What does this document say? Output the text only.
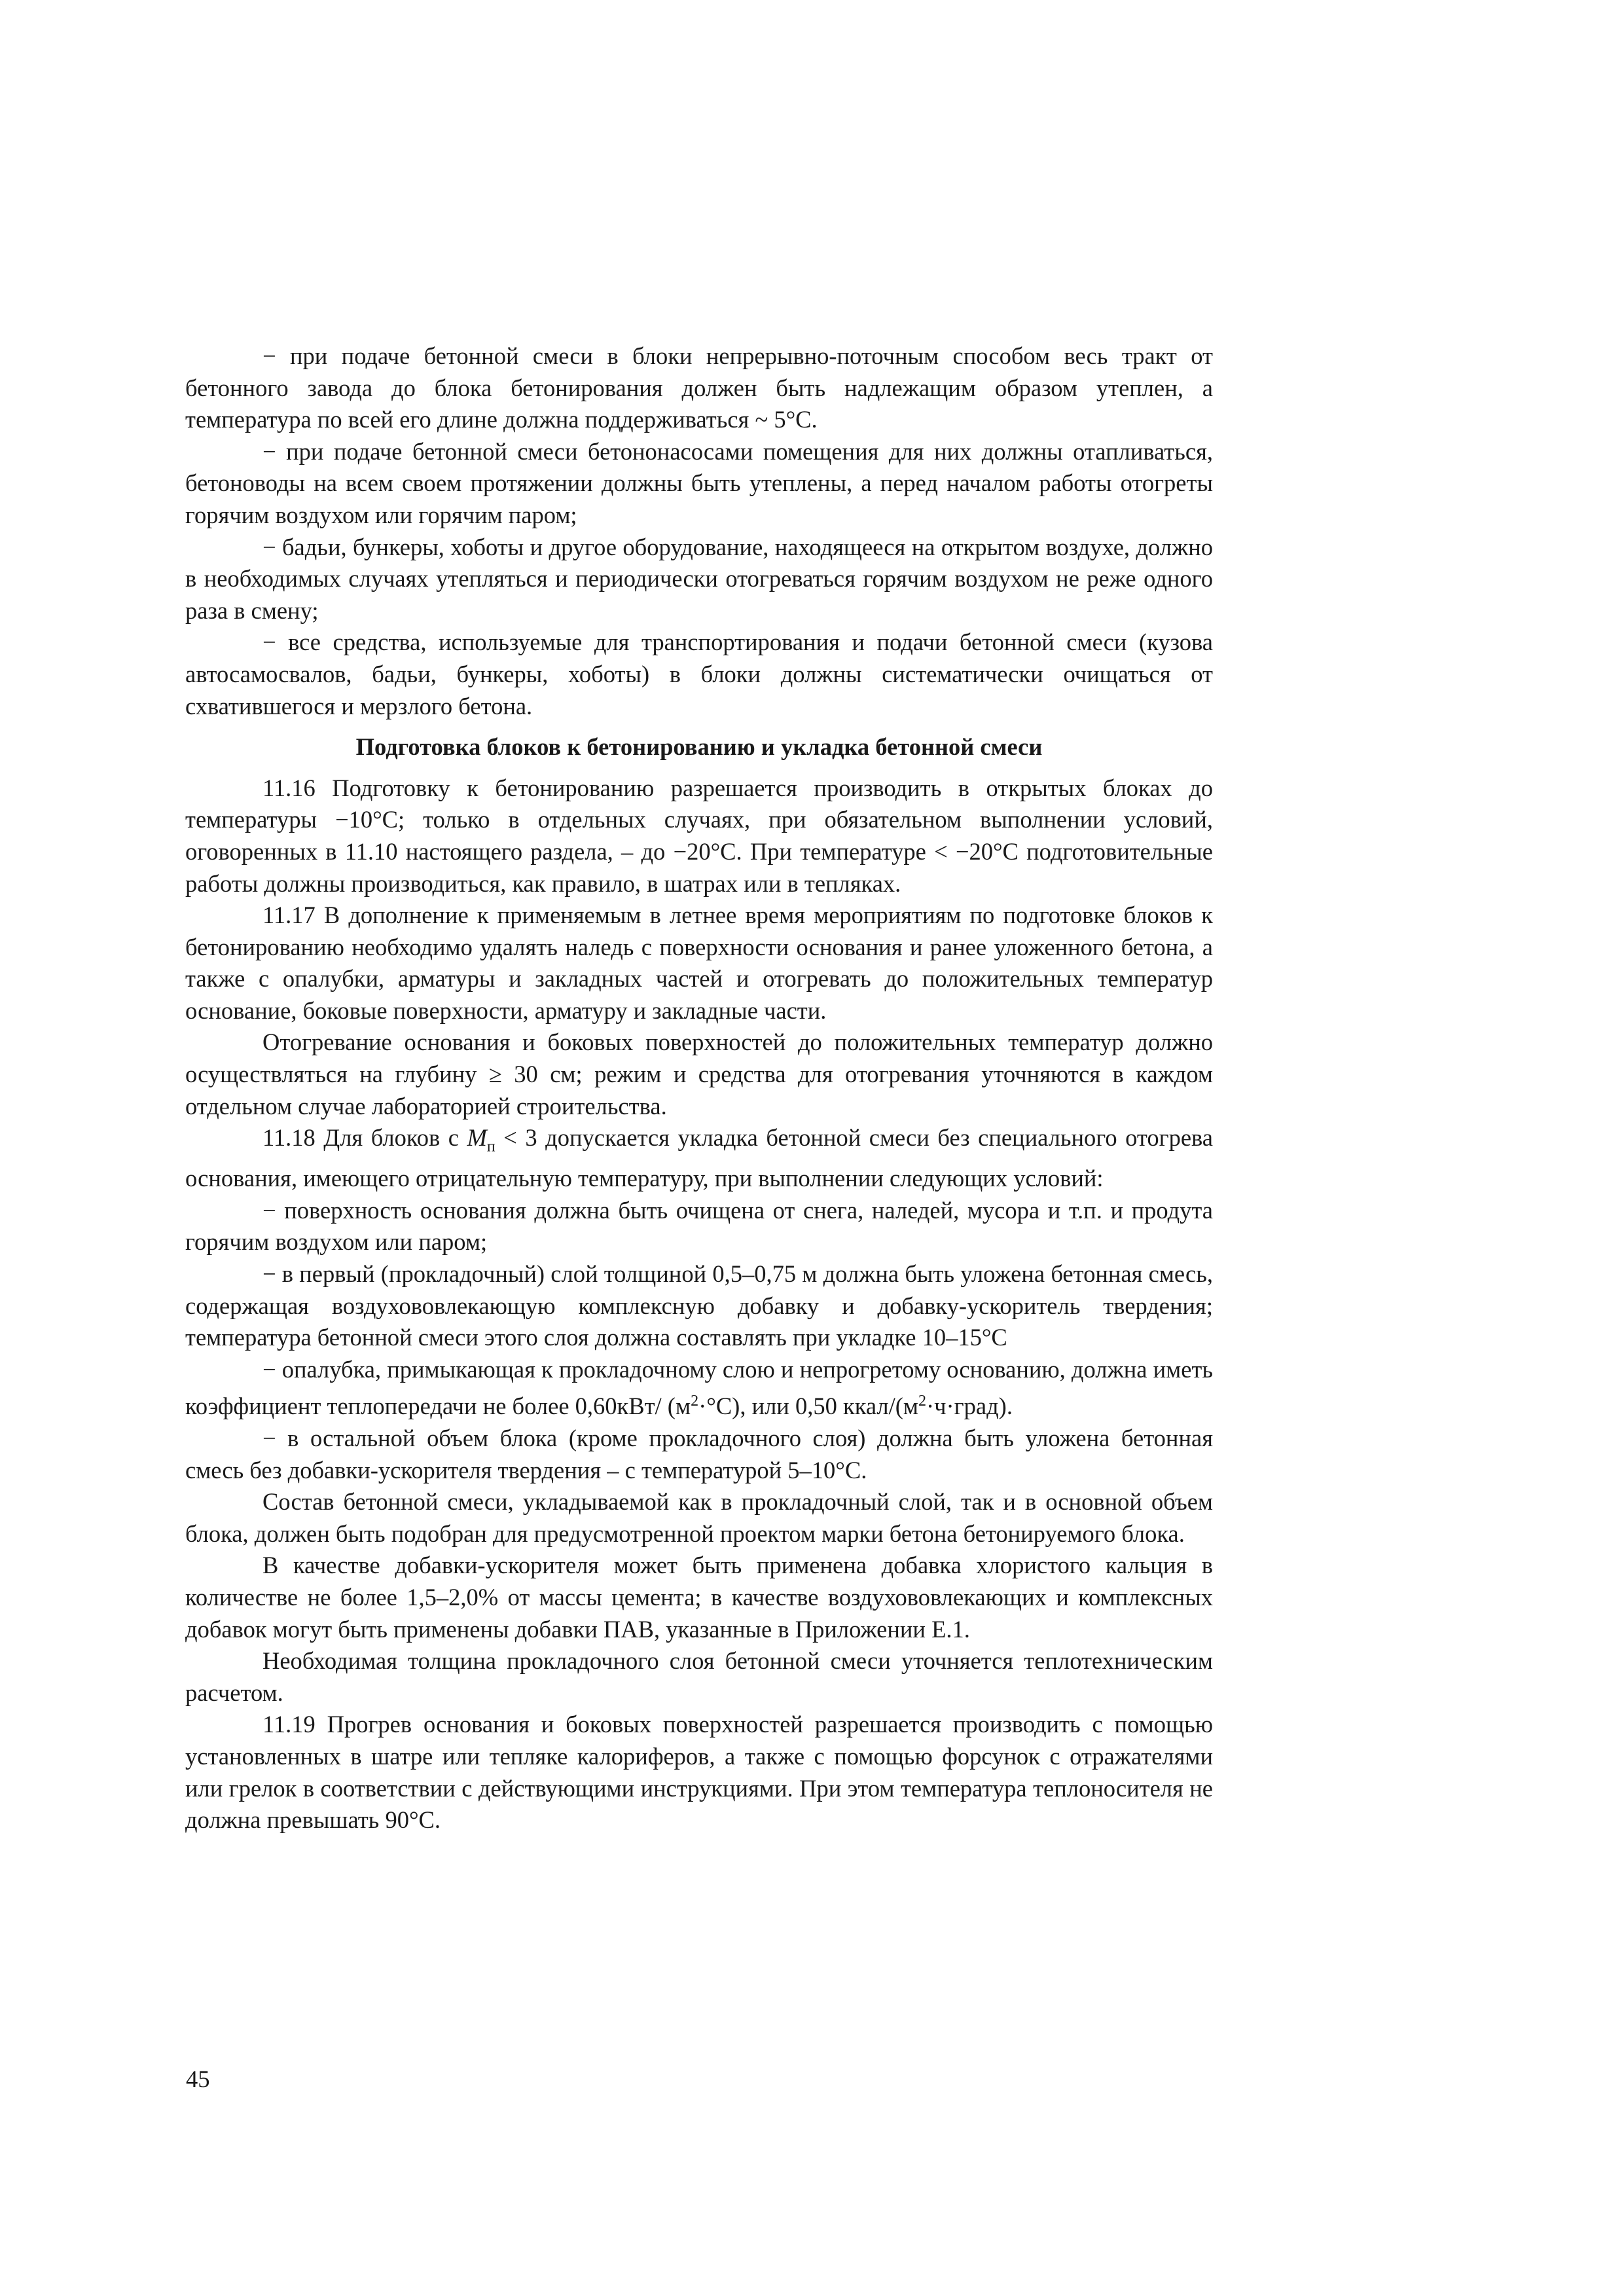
− при подаче бетонной смеси в блоки непрерывно-поточным способом весь тракт от бетонного завода до блока бетонирования должен быть надлежащим образом утеплен, а температура по всей его длине должна поддерживаться ~ 5°С.

− при подаче бетонной смеси бетононасосами помещения для них должны отапливаться, бетоноводы на всем своем протяжении должны быть утеплены, а перед началом работы отогреты горячим воздухом или горячим паром;

− бадьи, бункеры, хоботы и другое оборудование, находящееся на открытом воздухе, должно в необходимых случаях утепляться и периодически отогреваться горячим воздухом не реже одного раза в смену;

− все средства, используемые для транспортирования и подачи бетонной смеси (кузова автосамосвалов, бадьи, бункеры, хоботы) в блоки должны систематически очищаться от схватившегося и мерзлого бетона.

Подготовка блоков к бетонированию и укладка бетонной смеси

11.16 Подготовку к бетонированию разрешается производить в открытых блоках до температуры −10°С; только в отдельных случаях, при обязательном выполнении условий, оговоренных в 11.10 настоящего раздела, – до −20°С. При температуре < −20°С подготовительные работы должны производиться, как правило, в шатрах или в тепляках.

11.17 В дополнение к применяемым в летнее время мероприятиям по подготовке блоков к бетонированию необходимо удалять наледь с поверхности основания и ранее уложенного бетона, а также с опалубки, арматуры и закладных частей и отогревать до положительных температур основание, боковые поверхности, арматуру и закладные части.

Отогревание основания и боковых поверхностей до положительных температур должно осуществляться на глубину ≥ 30 см; режим и средства для отогревания уточняются в каждом отдельном случае лабораторией строительства.

11.18 Для блоков с $М_п < 3$ допускается укладка бетонной смеси без специального отогрева основания, имеющего отрицательную температуру, при выполнении следующих условий:

− поверхность основания должна быть очищена от снега, наледей, мусора и т.п. и продута горячим воздухом или паром;

− в первый (прокладочный) слой толщиной 0,5–0,75 м должна быть уложена бетонная смесь, содержащая воздухововлекающую комплексную добавку и добавку-ускоритель твердения; температура бетонной смеси этого слоя должна составлять при укладке 10–15°С

− опалубка, примыкающая к прокладочному слою и непрогретому основанию, должна иметь коэффициент теплопередачи не более 0,60кВт/ $(м^2\cdot^\circ С)$, или 0,50 ккал/$(м^2\cdot ч\cdot град)$.

− в остальной объем блока (кроме прокладочного слоя) должна быть уложена бетонная смесь без добавки-ускорителя твердения – с температурой 5–10°С.

Состав бетонной смеси, укладываемой как в прокладочный слой, так и в основной объем блока, должен быть подобран для предусмотренной проектом марки бетона бетонируемого блока.

В качестве добавки-ускорителя может быть применена добавка хлористого кальция в количестве не более 1,5–2,0% от массы цемента; в качестве воздухововлекающих и комплексных добавок могут быть применены добавки ПАВ, указанные в Приложении Е.1.

Необходимая толщина прокладочного слоя бетонной смеси уточняется теплотехническим расчетом.

11.19 Прогрев основания и боковых поверхностей разрешается производить с помощью установленных в шатре или тепляке калориферов, а также с помощью форсунок с отражателями или грелок в соответствии с действующими инструкциями. При этом температура теплоносителя не должна превышать 90°С.

45
